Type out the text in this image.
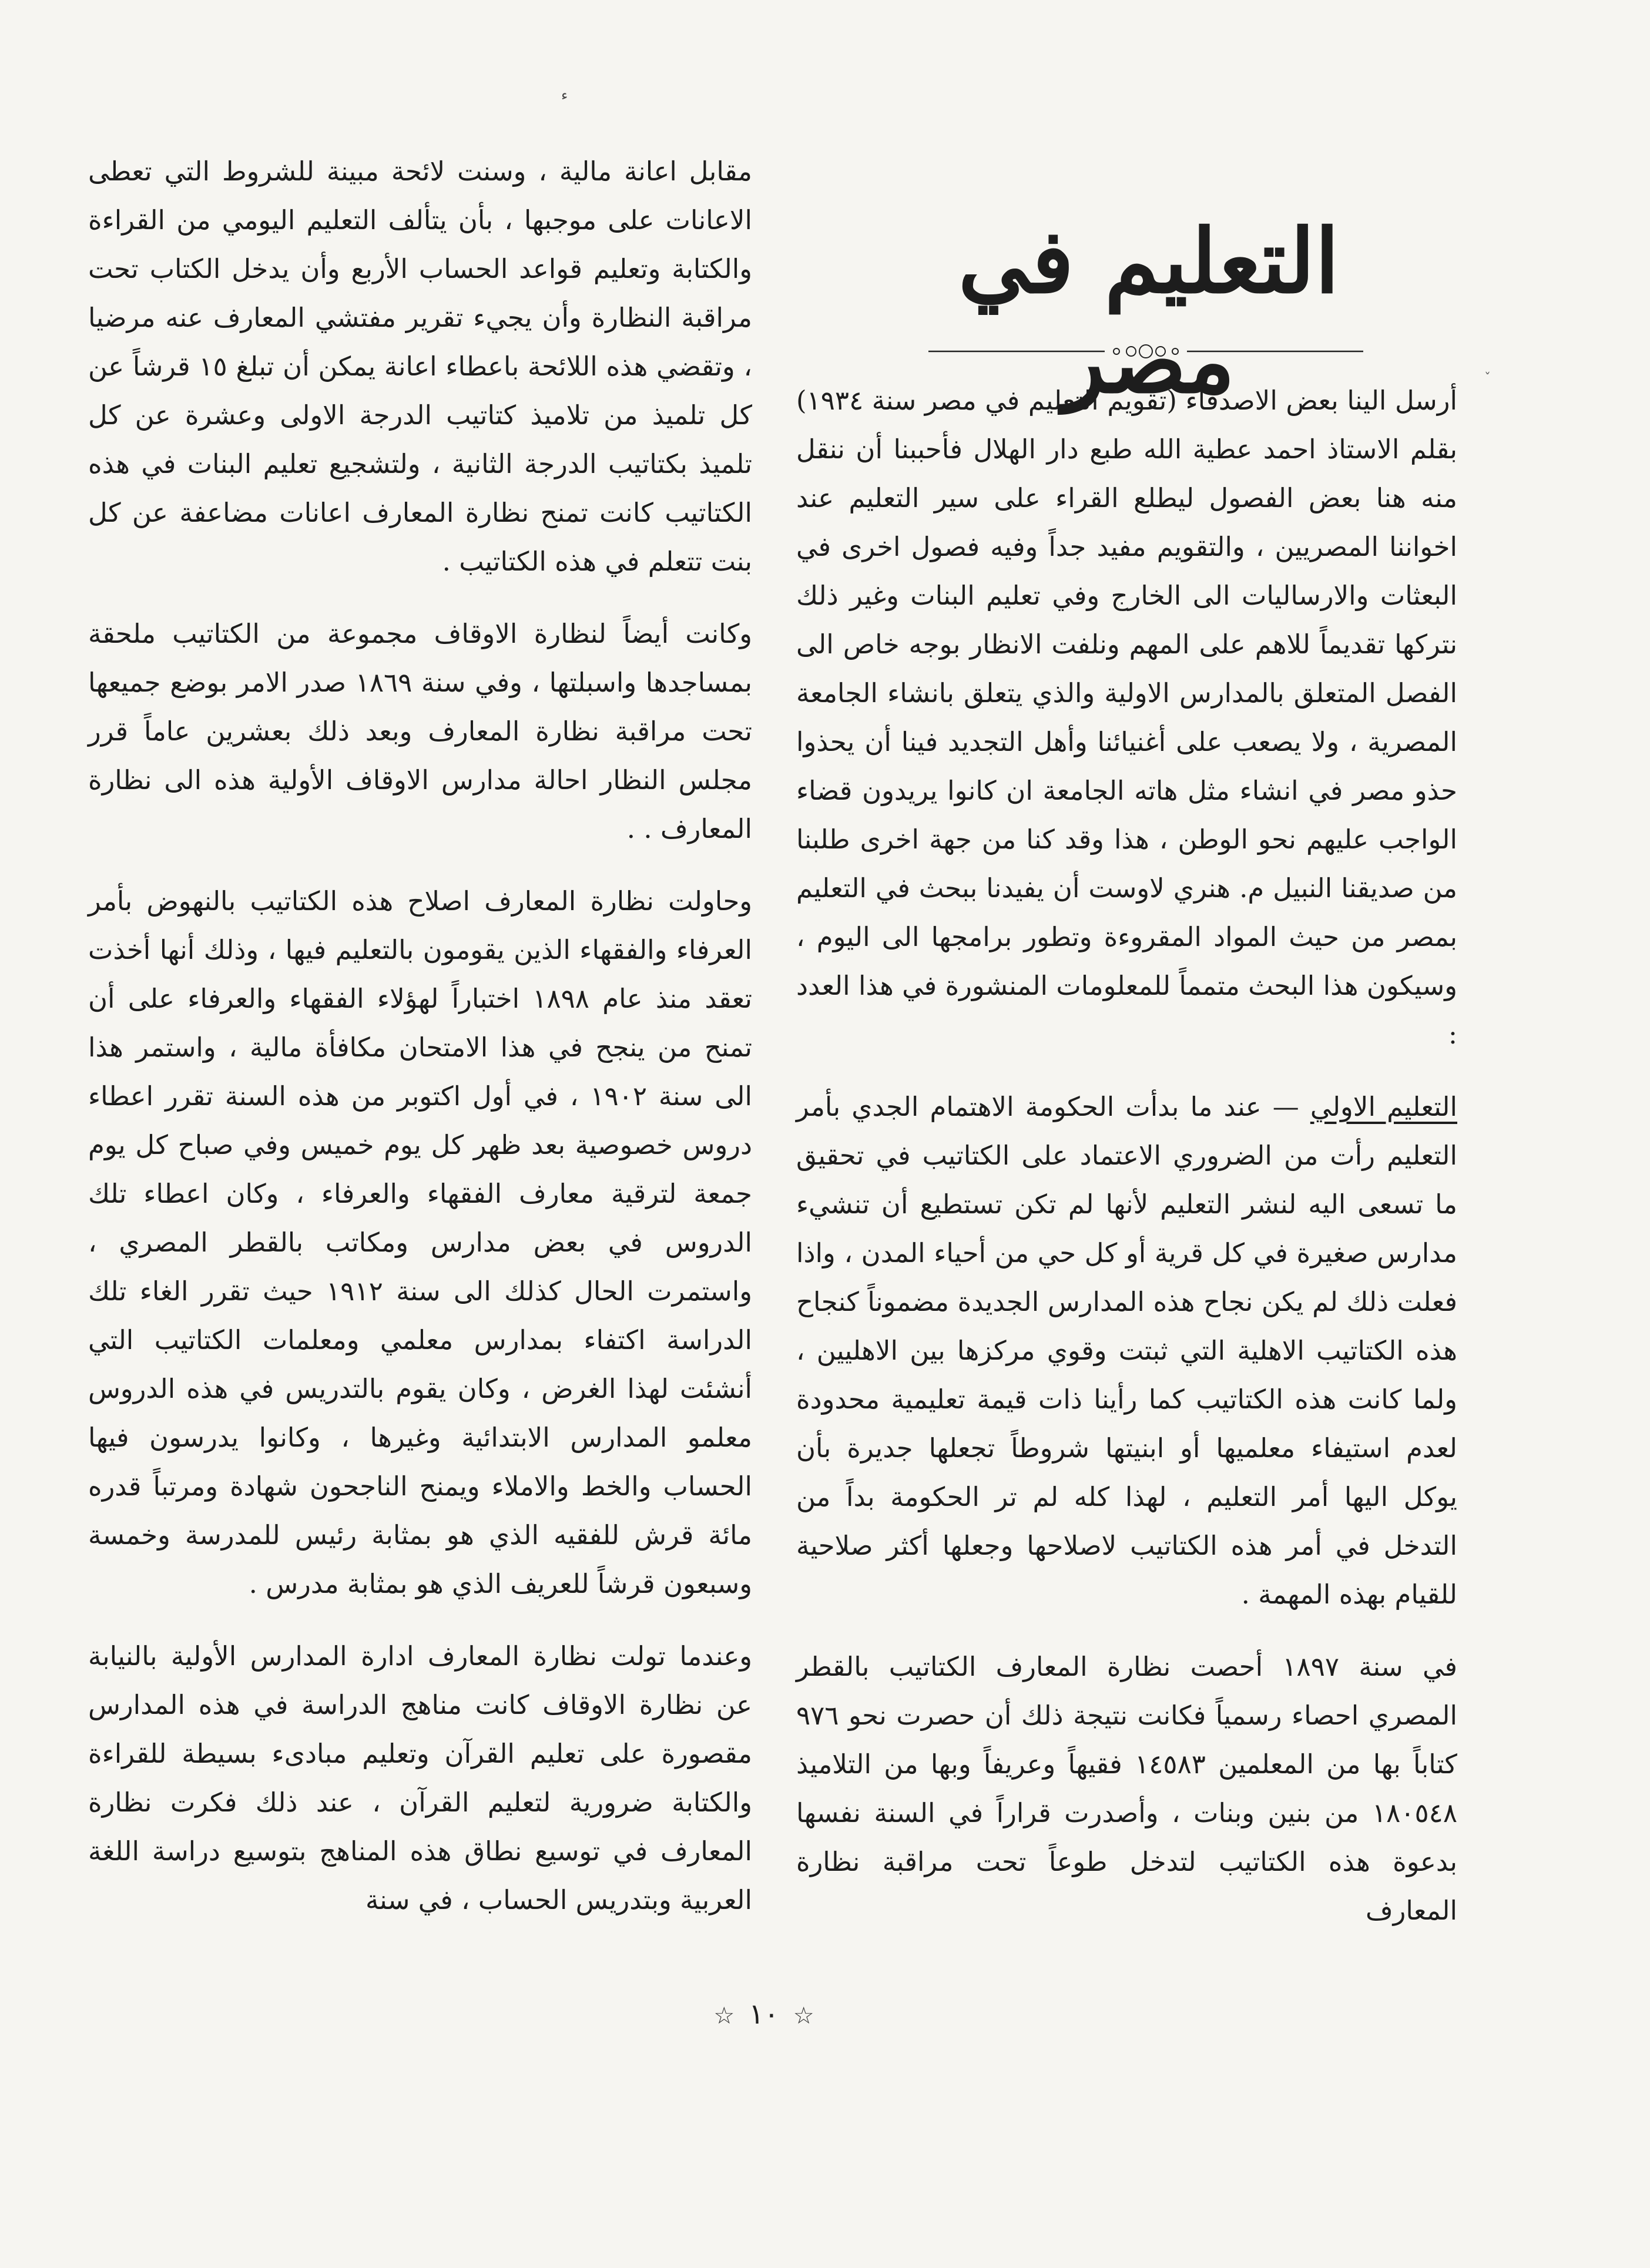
ء
ˇ
التعليم في مصر

أرسل الينا بعض الاصدقاء (تقويم التعليم في مصر سنة ١٩٣٤) بقلم الاستاذ احمد عطية الله طبع دار الهلال فأحببنا أن ننقل منه هنا بعض الفصول ليطلع القراء على سير التعليم عند اخواننا المصريين ، والتقويم مفيد جداً وفيه فصول اخرى في البعثات والارساليات الى الخارج وفي تعليم البنات وغير ذلك نتركها تقديماً للاهم على المهم ونلفت الانظار بوجه خاص الى الفصل المتعلق بالمدارس الاولية والذي يتعلق بانشاء الجامعة المصرية ، ولا يصعب على أغنيائنا وأهل التجديد فينا أن يحذوا حذو مصر في انشاء مثل هاته الجامعة ان كانوا يريدون قضاء الواجب عليهم نحو الوطن ، هذا وقد كنا من جهة اخرى طلبنا من صديقنا النبيل م. هنري لاوست أن يفيدنا ببحث في التعليم بمصر من حيث المواد المقروءة وتطور برامجها الى اليوم ، وسيكون هذا البحث متمماً للمعلومات المنشورة في هذا العدد :

التعليم الاولي — عند ما بدأت الحكومة الاهتمام الجدي بأمر التعليم رأت من الضروري الاعتماد على الكتاتيب في تحقيق ما تسعى اليه لنشر التعليم لأنها لم تكن تستطيع أن تنشيء مدارس صغيرة في كل قرية أو كل حي من أحياء المدن ، واذا فعلت ذلك لم يكن نجاح هذه المدارس الجديدة مضموناً كنجاح هذه الكتاتيب الاهلية التي ثبتت وقوي مركزها بين الاهليين ، ولما كانت هذه الكتاتيب كما رأينا ذات قيمة تعليمية محدودة لعدم استيفاء معلميها أو ابنيتها شروطاً تجعلها جديرة بأن يوكل اليها أمر التعليم ، لهذا كله لم تر الحكومة بداً من التدخل في أمر هذه الكتاتيب لاصلاحها وجعلها أكثر صلاحية للقيام بهذه المهمة .

في سنة ١٨٩٧ أحصت نظارة المعارف الكتاتيب بالقطر المصري احصاء رسمياً فكانت نتيجة ذلك أن حصرت نحو ٩٧٦ كتاباً بها من المعلمين ١٤٥٨٣ فقيهاً وعريفاً وبها من التلاميذ ١٨٠٥٤٨ من بنين وبنات ، وأصدرت قراراً في السنة نفسها بدعوة هذه الكتاتيب لتدخل طوعاً تحت مراقبة نظارة المعارف

مقابل اعانة مالية ، وسنت لائحة مبينة للشروط التي تعطى الاعانات على موجبها ، بأن يتألف التعليم اليومي من القراءة والكتابة وتعليم قواعد الحساب الأربع وأن يدخل الكتاب تحت مراقبة النظارة وأن يجيء تقرير مفتشي المعارف عنه مرضيا ، وتقضي هذه اللائحة باعطاء اعانة يمكن أن تبلغ ١٥ قرشاً عن كل تلميذ من تلاميذ كتاتيب الدرجة الاولى وعشرة عن كل تلميذ بكتاتيب الدرجة الثانية ، ولتشجيع تعليم البنات في هذه الكتاتيب كانت تمنح نظارة المعارف اعانات مضاعفة عن كل بنت تتعلم في هذه الكتاتيب .

وكانت أيضاً لنظارة الاوقاف مجموعة من الكتاتيب ملحقة بمساجدها واسبلتها ، وفي سنة ١٨٦٩ صدر الامر بوضع جميعها تحت مراقبة نظارة المعارف وبعد ذلك بعشرين عاماً قرر مجلس النظار احالة مدارس الاوقاف الأولية هذه الى نظارة المعارف . .

وحاولت نظارة المعارف اصلاح هذه الكتاتيب بالنهوض بأمر العرفاء والفقهاء الذين يقومون بالتعليم فيها ، وذلك أنها أخذت تعقد منذ عام ١٨٩٨ اختباراً لهؤلاء الفقهاء والعرفاء على أن تمنح من ينجح في هذا الامتحان مكافأة مالية ، واستمر هذا الى سنة ١٩٠٢ ، في أول اكتوبر من هذه السنة تقرر اعطاء دروس خصوصية بعد ظهر كل يوم خميس وفي صباح كل يوم جمعة لترقية معارف الفقهاء والعرفاء ، وكان اعطاء تلك الدروس في بعض مدارس ومكاتب بالقطر المصري ، واستمرت الحال كذلك الى سنة ١٩١٢ حيث تقرر الغاء تلك الدراسة اكتفاء بمدارس معلمي ومعلمات الكتاتيب التي أنشئت لهذا الغرض ، وكان يقوم بالتدريس في هذه الدروس معلمو المدارس الابتدائية وغيرها ، وكانوا يدرسون فيها الحساب والخط والاملاء ويمنح الناجحون شهادة ومرتباً قدره مائة قرش للفقيه الذي هو بمثابة رئيس للمدرسة وخمسة وسبعون قرشاً للعريف الذي هو بمثابة مدرس .

وعندما تولت نظارة المعارف ادارة المدارس الأولية بالنيابة عن نظارة الاوقاف كانت مناهج الدراسة في هذه المدارس مقصورة على تعليم القرآن وتعليم مبادىء بسيطة للقراءة والكتابة ضرورية لتعليم القرآن ، عند ذلك فكرت نظارة المعارف في توسيع نطاق هذه المناهج بتوسيع دراسة اللغة العربية وبتدريس الحساب ، في سنة

☆١٠☆
